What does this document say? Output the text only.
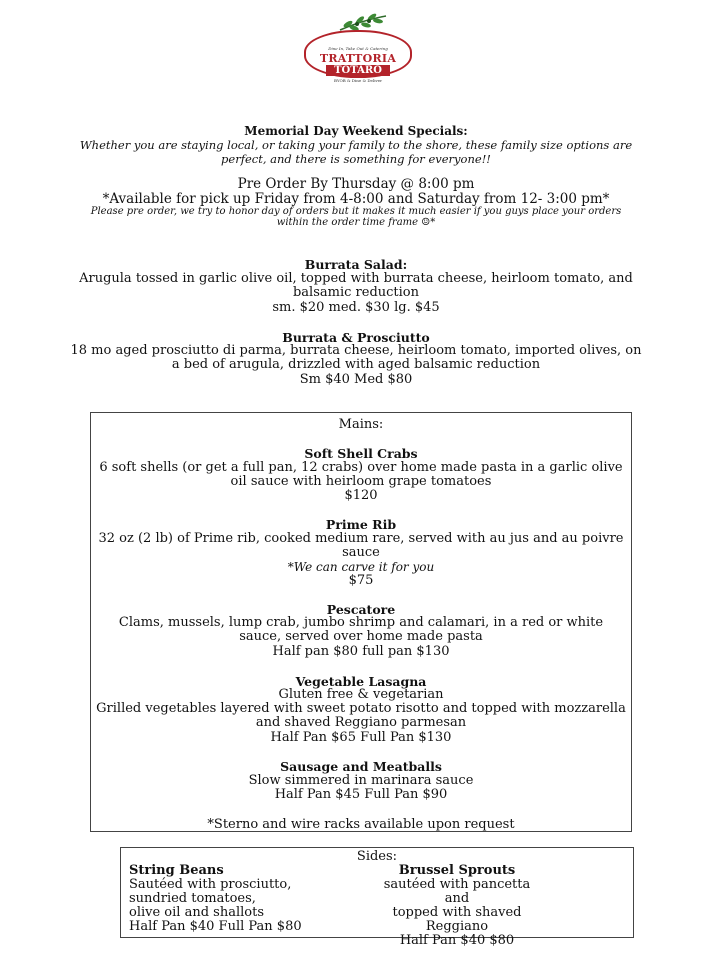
Dine In, Take Out & Catering
TRATTORIA
TOTARO
BYOB & Dine & Deliver
Memorial Day Weekend Specials:
Whether you are staying local, or taking your family to the shore, these family size options are
perfect, and there is something for everyone!!
Pre Order By Thursday @ 8:00 pm
*Available for pick up Friday from 4-8:00 and Saturday from 12- 3:00 pm*
Please pre order, we try to honor day of orders but it makes it much easier if you guys place your orders
within the order time frame ☺*
Burrata Salad:
Arugula tossed in garlic olive oil, topped with burrata cheese, heirloom tomato, and
balsamic reduction
sm. $20 med. $30 lg. $45
Burrata & Prosciutto
18 mo aged prosciutto di parma, burrata cheese, heirloom tomato, imported olives, on
a bed of arugula, drizzled with aged balsamic reduction
Sm $40 Med $80
Mains:
Soft Shell Crabs
6 soft shells (or get a full pan, 12 crabs) over home made pasta in a garlic olive
oil sauce with heirloom grape tomatoes
$120
Prime Rib
32 oz (2 lb) of Prime rib, cooked medium rare, served with au jus and au poivre
sauce
*We can carve it for you
$75
Pescatore
Clams, mussels, lump crab, jumbo shrimp and calamari, in a red or white
sauce, served over home made pasta
Half pan $80 full pan $130
Vegetable Lasagna
Gluten free & vegetarian
Grilled vegetables layered with sweet potato risotto and topped with mozzarella
and shaved Reggiano parmesan
Half Pan $65 Full Pan $130
Sausage and Meatballs
Slow simmered in marinara sauce
Half Pan $45 Full Pan $90
*Sterno and wire racks available upon request
Sides:
String Beans
Sautéed with prosciutto,
sundried tomatoes,
olive oil and shallots
Half Pan $40 Full Pan $80
Brussel Sprouts
sautéed with pancetta and
topped with shaved Reggiano
Half Pan $40 $80
